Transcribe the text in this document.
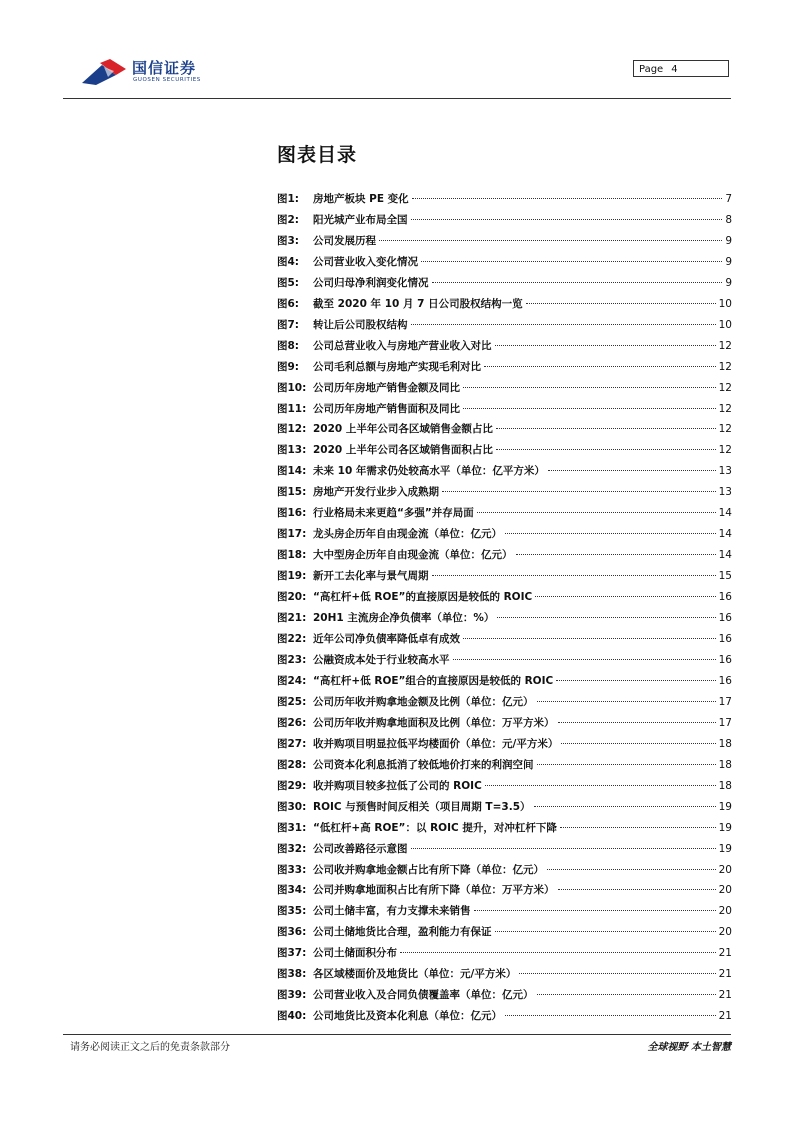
国信证券
GUOSEN SECURITIES
Page 4
图表目录
图1:	房地产板块 PE 变化	7
图2:	阳光城产业布局全国	8
图3:	公司发展历程	9
图4:	公司营业收入变化情况	9
图5:	公司归母净利润变化情况	9
图6:	截至 2020 年 10 月 7 日公司股权结构一览	10
图7:	转让后公司股权结构	10
图8:	公司总营业收入与房地产营业收入对比	12
图9:	公司毛利总额与房地产实现毛利对比	12
图10: 公司历年房地产销售金额及同比	12
图11: 公司历年房地产销售面积及同比	12
图12: 2020 上半年公司各区域销售金额占比	12
图13: 2020 上半年公司各区域销售面积占比	12
图14: 未来 10 年需求仍处较高水平（单位：亿平方米）	13
图15: 房地产开发行业步入成熟期	13
图16: 行业格局未来更趋“多强”并存局面	14
图17: 龙头房企历年自由现金流（单位：亿元）	14
图18: 大中型房企历年自由现金流（单位：亿元）	14
图19: 新开工去化率与景气周期	15
图20: “高杠杆+低 ROE”的直接原因是较低的 ROIC	16
图21: 20H1 主流房企净负债率（单位：%）	16
图22: 近年公司净负债率降低卓有成效	16
图23: 公融资成本处于行业较高水平	16
图24: “高杠杆+低 ROE”组合的直接原因是较低的 ROIC	16
图25: 公司历年收并购拿地金额及比例（单位：亿元）	17
图26: 公司历年收并购拿地面积及比例（单位：万平方米）	17
图27: 收并购项目明显拉低平均楼面价（单位：元/平方米）	18
图28: 公司资本化利息抵消了较低地价打来的利润空间	18
图29: 收并购项目较多拉低了公司的 ROIC	18
图30: ROIC 与预售时间反相关（项目周期 T=3.5）	19
图31: “低杠杆+高 ROE”：以 ROIC 提升，对冲杠杆下降	19
图32: 公司改善路径示意图	19
图33: 公司收并购拿地金额占比有所下降（单位：亿元）	20
图34: 公司并购拿地面积占比有所下降（单位：万平方米）	20
图35: 公司土储丰富，有力支撑未来销售	20
图36: 公司土储地货比合理，盈利能力有保证	20
图37: 公司土储面积分布	21
图38: 各区域楼面价及地货比（单位：元/平方米）	21
图39: 公司营业收入及合同负债覆盖率（单位：亿元）	21
图40: 公司地货比及资本化利息（单位：亿元）	21
请务必阅读正文之后的免责条款部分	全球视野 本土智慧
